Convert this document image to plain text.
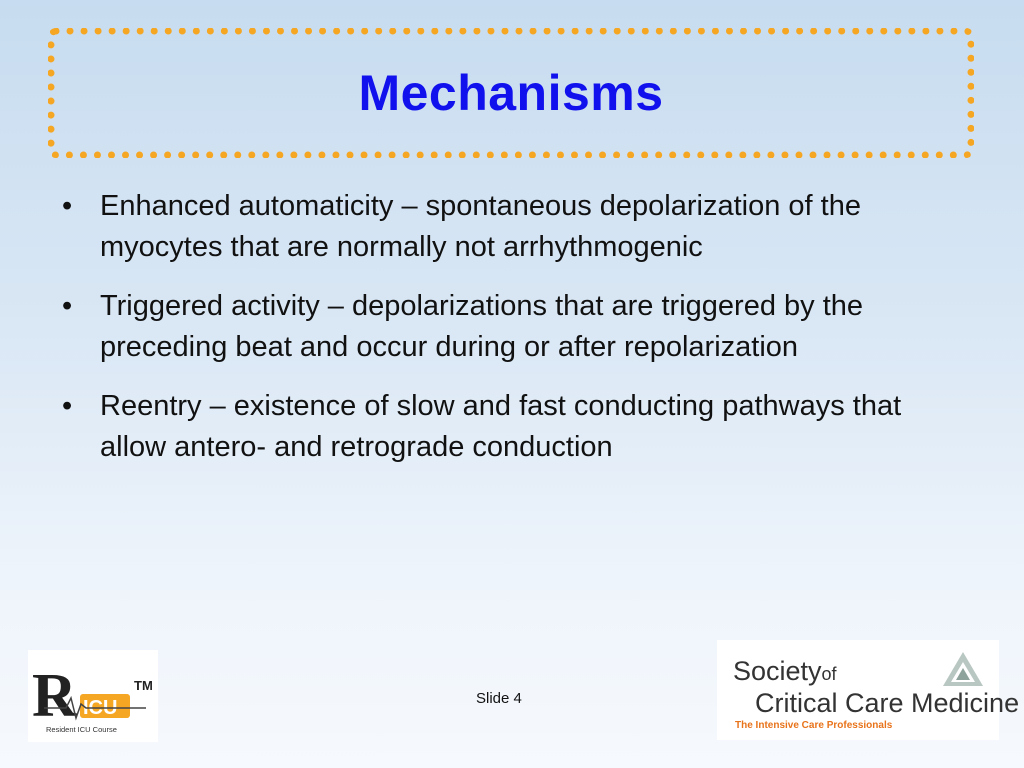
Mechanisms
• Enhanced automaticity – spontaneous depolarization of the myocytes that are normally not arrhythmogenic
• Triggered activity – depolarizations that are triggered by the preceding beat and occur during or after repolarization
• Reentry – existence of slow and fast conducting pathways that allow antero- and retrograde conduction
Slide 4
R ICU
TM
Resident ICU Course
Societyof
Critical Care Medicine
The Intensive Care Professionals
